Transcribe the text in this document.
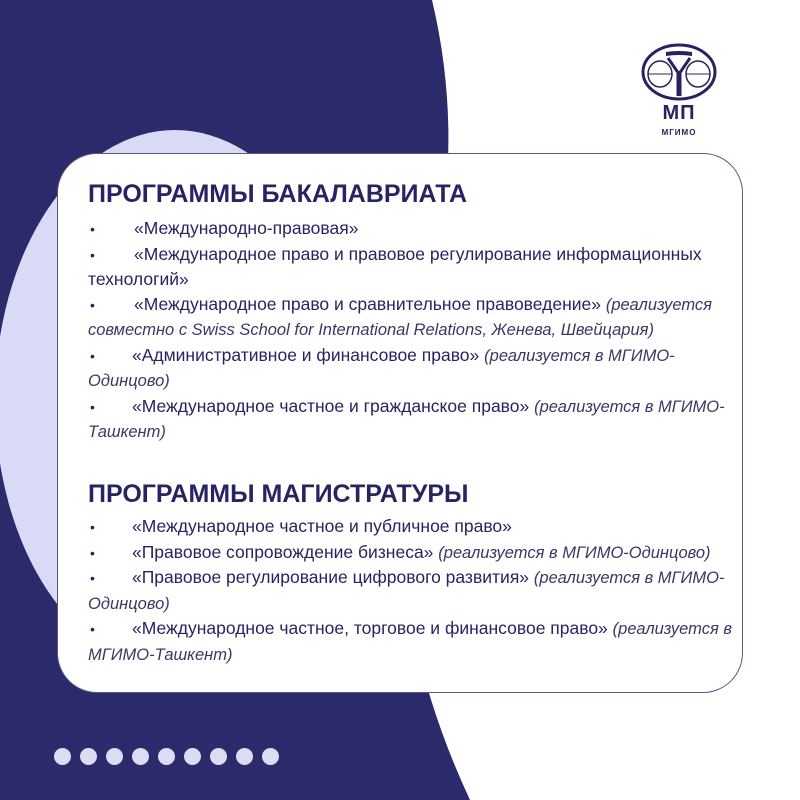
МП
МГИМО
ПРОГРАММЫ БАКАЛАВРИАТА
• «Международно-правовая»
• «Международное право и правовое регулирование информационных технологий»
• «Международное право и сравнительное правоведение» (реализуется совместно с Swiss School for International Relations, Женева, Швейцария)
• «Административное и финансовое право» (реализуется в МГИМО-Одинцово)
• «Международное частное и гражданское право» (реализуется в МГИМО-Ташкент)
ПРОГРАММЫ МАГИСТРАТУРЫ
• «Международное частное и публичное право»
• «Правовое сопровождение бизнеса» (реализуется в МГИМО-Одинцово)
• «Правовое регулирование цифрового развития» (реализуется в МГИМО-Одинцово)
• «Международное частное, торговое и финансовое право» (реализуется в МГИМО-Ташкент)
